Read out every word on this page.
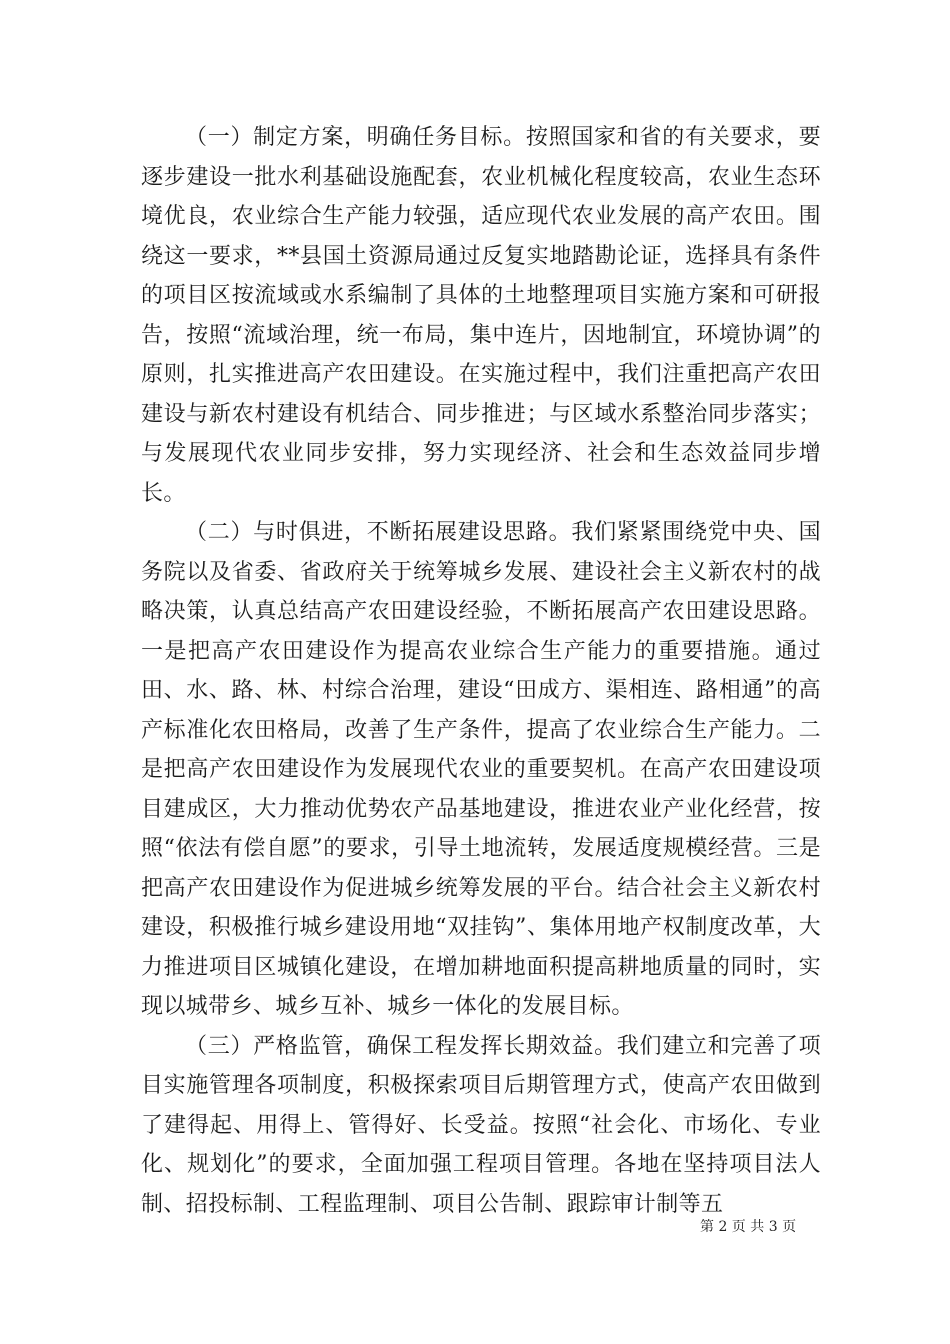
（一）制定方案，明确任务目标。按照国家和省的有关要求，要逐步建设一批水利基础设施配套，农业机械化程度较高，农业生态环境优良，农业综合生产能力较强，适应现代农业发展的高产农田。围绕这一要求，**县国土资源局通过反复实地踏勘论证，选择具有条件的项目区按流域或水系编制了具体的土地整理项目实施方案和可研报告，按照“流域治理，统一布局，集中连片，因地制宜，环境协调”的原则，扎实推进高产农田建设。在实施过程中，我们注重把高产农田建设与新农村建设有机结合、同步推进；与区域水系整治同步落实；与发展现代农业同步安排，努力实现经济、社会和生态效益同步增长。

（二）与时俱进，不断拓展建设思路。我们紧紧围绕党中央、国务院以及省委、省政府关于统筹城乡发展、建设社会主义新农村的战略决策，认真总结高产农田建设经验，不断拓展高产农田建设思路。一是把高产农田建设作为提高农业综合生产能力的重要措施。通过田、水、路、林、村综合治理，建设“田成方、渠相连、路相通”的高产标准化农田格局，改善了生产条件，提高了农业综合生产能力。二是把高产农田建设作为发展现代农业的重要契机。在高产农田建设项目建成区，大力推动优势农产品基地建设，推进农业产业化经营，按照“依法有偿自愿”的要求，引导土地流转，发展适度规模经营。三是把高产农田建设作为促进城乡统筹发展的平台。结合社会主义新农村建设，积极推行城乡建设用地“双挂钩”、集体用地产权制度改革，大力推进项目区城镇化建设，在增加耕地面积提高耕地质量的同时，实现以城带乡、城乡互补、城乡一体化的发展目标。

（三）严格监管，确保工程发挥长期效益。我们建立和完善了项目实施管理各项制度，积极探索项目后期管理方式，使高产农田做到了建得起、用得上、管得好、长受益。按照“社会化、市场化、专业化、规划化”的要求，全面加强工程项目管理。各地在坚持项目法人制、招投标制、工程监理制、项目公告制、跟踪审计制等五

第 2 页 共 3 页
